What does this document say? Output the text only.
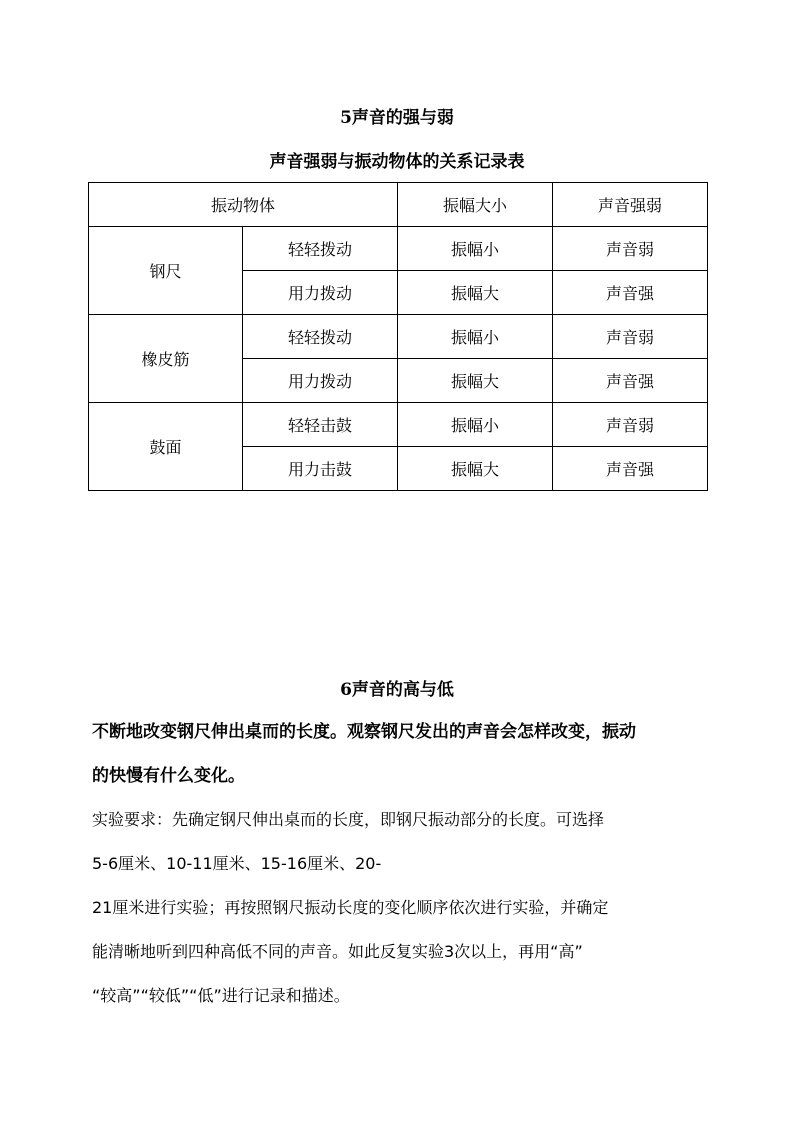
5声音的强与弱
声音强弱与振动物体的关系记录表
振动物体		振幅大小	声音强弱
钢尺	轻轻拨动	振幅小	声音弱
	用力拨动	振幅大	声音强
橡皮筋	轻轻拨动	振幅小	声音弱
	用力拨动	振幅大	声音强
鼓面	轻轻击鼓	振幅小	声音弱
	用力击鼓	振幅大	声音强
6声音的高与低
不断地改变钢尺伸出桌而的长度。观察钢尺发出的声音会怎样改变，振动
的快慢有什么变化。
实验要求：先确定钢尺伸出桌而的长度，即钢尺振动部分的长度。可选择
5-6厘米、10-11厘米、15-16厘米、20-
21厘米进行实验；再按照钢尺振动长度的变化顺序依次进行实验，并确定
能清晰地听到四种高低不同的声音。如此反复实验3次以上，再用“高”
“较高”“较低”“低”进行记录和描述。
